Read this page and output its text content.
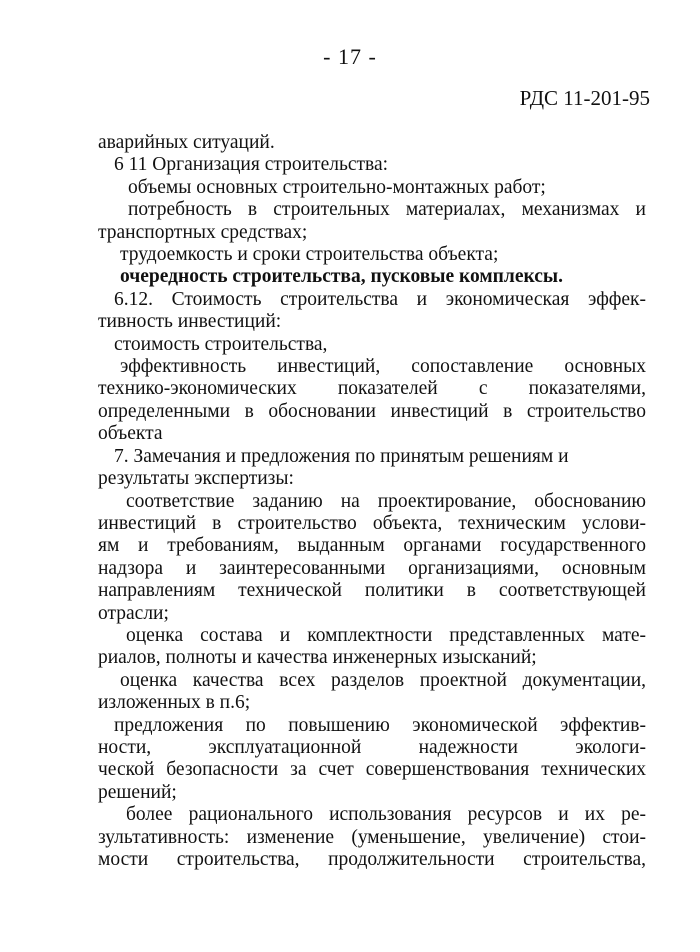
- 17 -
РДС 11-201-95
аварийных ситуаций.
6 11 Организация строительства:
объемы основных строительно-монтажных работ;
потребность в строительных материалах, механизмах и
транспортных средствах;
трудоемкость и сроки строительства объекта;
очередность строительства, пусковые комплексы.
6.12. Стоимость строительства и экономическая эффек-
тивность инвестиций:
стоимость строительства,
эффективность инвестиций, сопоставление основных
технико-экономических показателей с показателями,
определенными в обосновании инвестиций в строительство
объекта
7. Замечания и предложения по принятым решениям и
результаты экспертизы:
соответствие заданию на проектирование, обоснованию
инвестиций в строительство объекта, техническим услови-
ям и требованиям, выданным органами государственного
надзора и заинтересованными организациями, основным
направлениям технической политики в соответствующей
отрасли;
оценка состава и комплектности представленных мате-
риалов, полноты и качества инженерных изысканий;
оценка качества всех разделов проектной документации,
изложенных в п.6;
предложения по повышению экономической эффектив-
ности, эксплуатационной надежности экологи-
ческой безопасности за счет совершенствования технических
решений;
более рационального использования ресурсов и их ре-
зультативность: изменение (уменьшение, увеличение) стои-
мости строительства, продолжительности строительства,
